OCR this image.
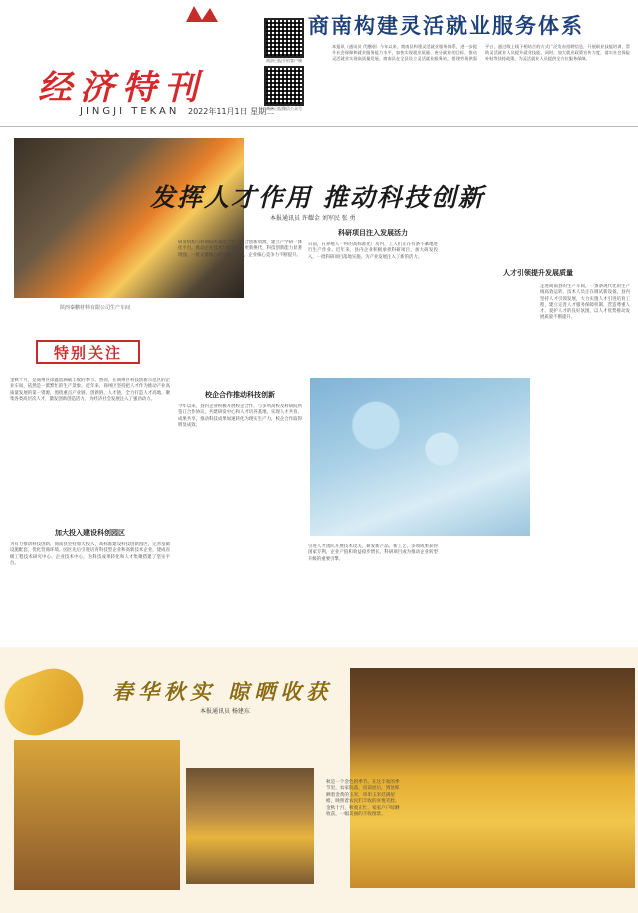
商洛日报手机客户端
商洛日报微信公众号
经济特刊
JINGJI TEKAN 2022年11月1日 星期二
商南构建灵活就业服务体系
本报讯（通讯员 代德刚）今年以来，商南县构建灵活就业服务体系，进一步提升社会保障和就业服务能力水平，加快实现就业质量、充分就业的目标，推动灵活就业实现高质量发展。商南县在全县设立灵活就业服务站，搭建劳务供需平台，通过线上线下相结合的方式广泛发布招聘信息，开展职业技能培训，帮助灵活就业人员提升就业技能。同时，加大就业政策宣传力度，落实社会保险补贴等扶持政策，为灵活就业人员提供全方位服务保障。
陕西秦鹏材料有限公司生产车间
发挥人才作用 推动科技创新
本报通讯员 许耀金 刘军民 张 勇
特别关注
金秋十月，是商州区徐鑫恩满载丰收的季节。然而，在商州区科技创新示范区的企业车间，依然是一派繁忙的生产景象。近年来，商州区坚持把人才作为推动产业高质量发展的第一资源，围绕重点产业链、创新链、人才链，全力打造人才高地，聚集各类高层次人才，激发创新创造活力，为经济社会发展注入了强劲动力。
加大投入建设科创园区
为有力推动科技创新，商南县坚持加大投入，高标准建设科技创新园区，完善基础设施配套，优化营商环境。园区先后引进培育科技型企业和高新技术企业，建成省级工程技术研究中心、企业技术中心，为科技成果转化和人才集聚搭建了坚实平台。
研发机构与科研院所深度合作，整合创新资源，建立产学研一体化平台，推动企业技术升级和产品更新换代，科技创新能力显著增强，一批关键核心技术取得突破，企业核心竞争力不断提升。
校企合作推动科技创新
今年以来，县内企业积极开展校企合作，与多所高校及科研院所签订合作协议，共建研发中心和人才培养基地，实现人才共育、成果共享，推动科技成果加速转化为现实生产力，校企合作取得明显成效。
科研项目注入发展活力
日前，在养殖人一村的高标准化厂房内，工人们正在有条不紊地进行生产作业。近年来，县内企业积极承担科研项目，加大研发投入，一批科研项目落地实施，为产业发展注入了新的活力。
引进人才团队开展技术攻关，研发新产品、新工艺，多项成果获得国家专利，企业产值和效益稳步增长，科研项目成为推动企业转型升级的重要引擎。
人才引领提升发展质量
走进商南县的生产车间，一条条现代化的生产线高效运转，技术人员正在调试新设备。县内坚持人才引领发展，大力实施人才引进培育工程，建立完善人才服务保障机制，营造尊重人才、爱护人才的良好氛围，以人才优势推动发展质量不断提升。
春华秋实 晾晒收获
本报通讯员 杨建东
秋是一个金色的季节。在这丰收的季节里，农家院落、房前屋后，到处晾晒着金黄的玉米，串串玉米挂满屋檐，映照着农民们丰收的喜悦笑脸。金秋十月，秋收正忙，家家户户晾晒收获，一幅美丽的丰收图景。
